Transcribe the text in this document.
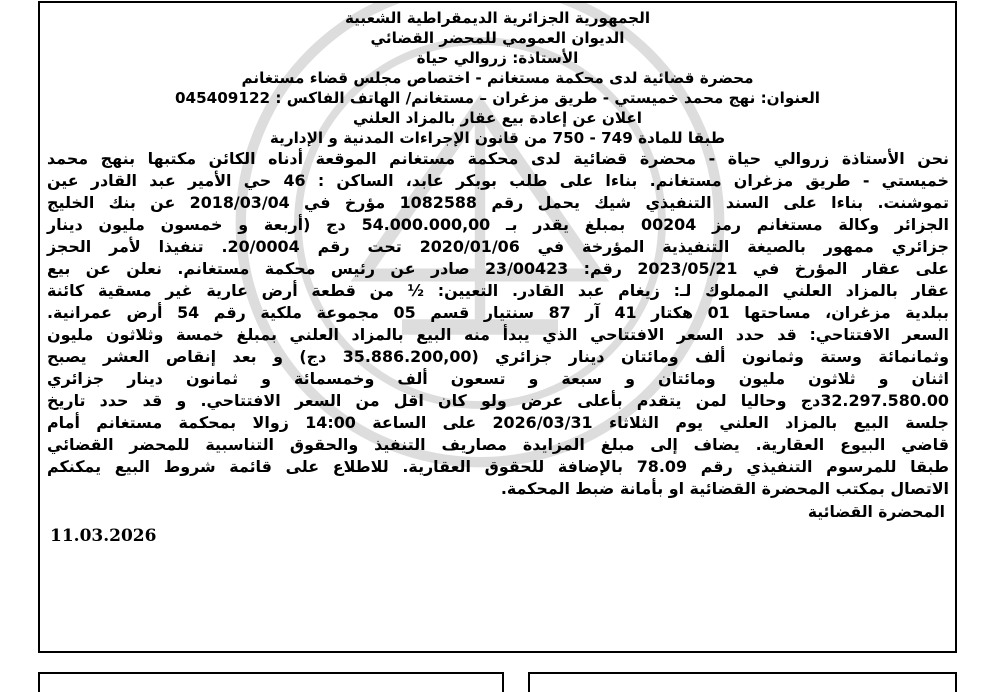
الجمهورية الجزائرية الديمقراطية الشعبية
الديوان العمومي للمحضر القضائي
الأستاذة: زروالي حياة
محضرة قضائية لدى محكمة مستغانم - اختصاص مجلس قضاء مستغانم
العنوان: نهج محمد خميستي - طريق مزغران – مستغانم/ الهاتف الفاكس : 045409122
اعلان عن إعادة بيع عقار بالمزاد العلني
طبقا للمادة 749 - 750 من قانون الإجراءات المدنية و الإدارية
نحن الأستاذة زروالي حياة - محضرة قضائية لدى محكمة مستغانم الموقعة أدناه الكائن مكتبها بنهج محمد
خميستي - طريق مزغران مستغانم. بناءا على طلب بوبكر عابد، الساكن : 46 حي الأمير عبد القادر عين
تموشنت. بناءا على السند التنفيذي شيك يحمل رقم 1082588 مؤرخ في 2018/03/04 عن بنك الخليج
الجزائر وكالة مستغانم رمز 00204 بمبلغ يقدر بـ 54.000.000,00 دج (أربعة و خمسون مليون دينار
جزائري ممهور بالصيغة التنفيذية المؤرخة في 2020/01/06 تحت رقم 20/0004. تنفيذا لأمر الحجز
على عقار المؤرخ في 2023/05/21 رقم: 23/00423 صادر عن رئيس محكمة مستغانم. نعلن عن بيع
عقار بالمزاد العلني المملوك لـ: زيغام عبد القادر. التعيين: ½ من قطعة أرض عارية غير مسقية كائنة
ببلدية مزغران، مساحتها 01 هكتار 41 آر 87 سنتيار قسم 05 مجموعة ملكية رقم 54 أرض عمرانية.
السعر الافتتاحي: قد حدد السعر الافتتاحي الذي يبدأ منه البيع بالمزاد العلني بمبلغ خمسة وثلاثون مليون
وثمانمائة وستة وثمانون ألف ومائتان دينار جزائري (35.886.200,00 دج) و بعد إنقاص العشر يصبح
اثنان و ثلاثون مليون ومائتان و سبعة و تسعون ألف وخمسمائة و ثمانون دينار جزائري
32.297.580.00دج وحاليا لمن يتقدم بأعلى عرض ولو كان اقل من السعر الافتتاحي. و قد حدد تاريخ
جلسة البيع بالمزاد العلني يوم الثلاثاء 2026/03/31 على الساعة 14:00 زوالا بمحكمة مستغانم أمام
قاضي البيوع العقارية. يضاف إلى مبلغ المزايدة مصاريف التنفيذ والحقوق التناسبية للمحضر القضائي
طبقا للمرسوم التنفيذي رقم 78.09 بالإضافة للحقوق العقارية. للاطلاع على قائمة شروط البيع يمكنكم
الاتصال بمكتب المحضرة القضائية او بأمانة ضبط المحكمة.
المحضرة القضائية
11.03.2026
